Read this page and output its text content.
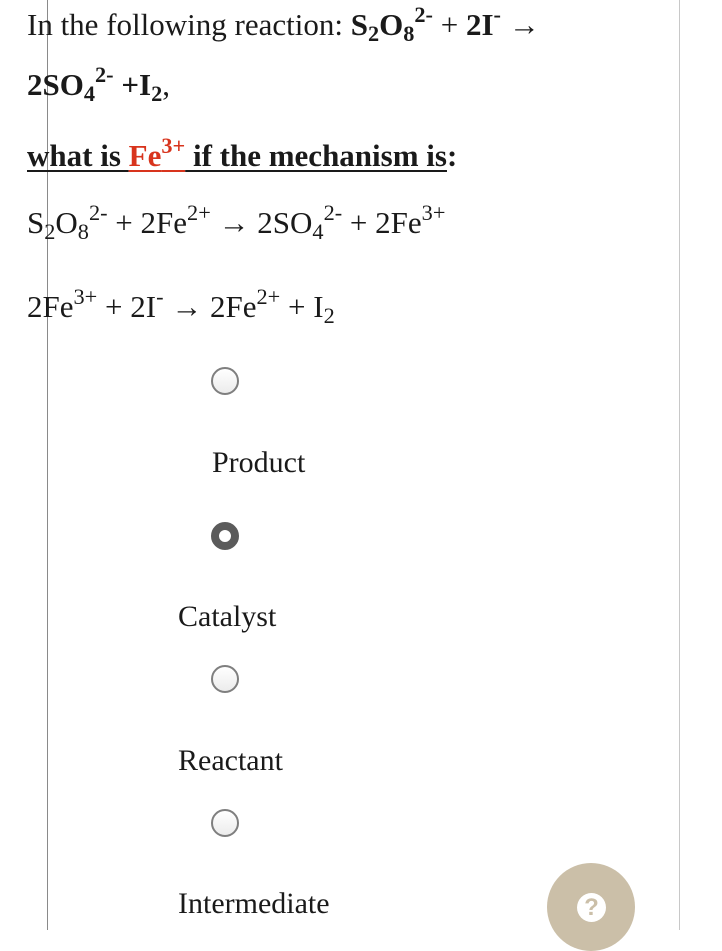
In the following reaction: $S_2O_8^{2-} + 2I^-$ →
$2SO_4^{2-} +I_2$,
what is $Fe^{3+}$ if the mechanism is:
$S_2O_8^{2-} + 2Fe^{2+} \to 2SO_4^{2-} + 2Fe^{3+}$
$2Fe^{3+} + 2I^- \to 2Fe^{2+} + I_2$
Product
Catalyst
Reactant
Intermediate	?
